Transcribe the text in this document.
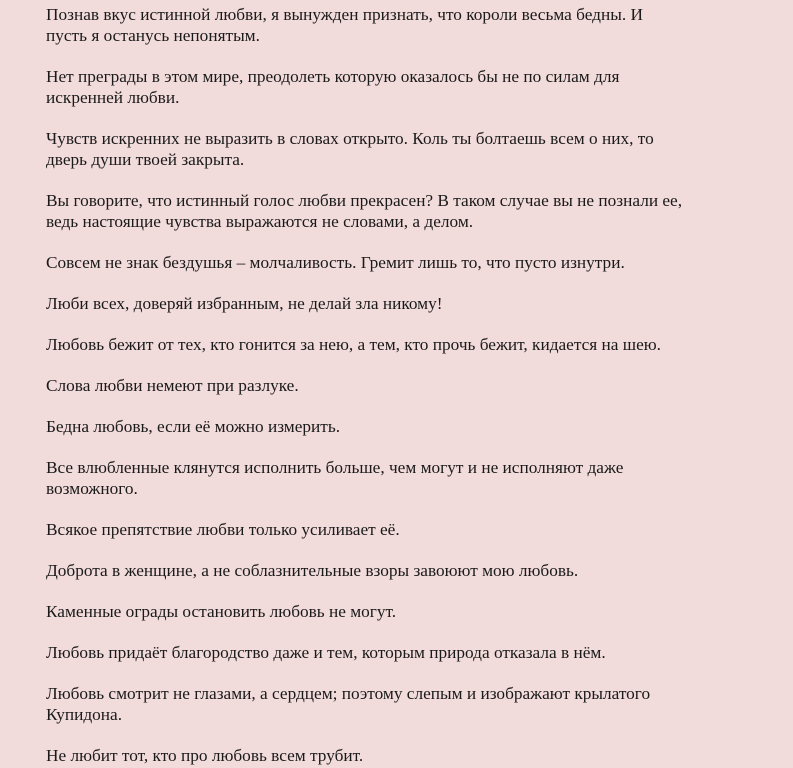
Познав вкус истинной любви, я вынужден признать, что короли весьма бедны. И
пусть я останусь непонятым.
Нет преграды в этом мире, преодолеть которую оказалось бы не по силам для
искренней любви.
Чувств искренних не выразить в словах открыто. Коль ты болтаешь всем о них, то
дверь души твоей закрыта.
Вы говорите, что истинный голос любви прекрасен? В таком случае вы не познали ее,
ведь настоящие чувства выражаются не словами, а делом.
Совсем не знак бездушья – молчаливость. Гремит лишь то, что пусто изнутри.
Люби всех, доверяй избранным, не делай зла никому!
Любовь бежит от тех, кто гонится за нею, а тем, кто прочь бежит, кидается на шею.
Слова любви немеют при разлуке.
Бедна любовь, если её можно измерить.
Все влюбленные клянутся исполнить больше, чем могут и не исполняют даже
возможного.
Всякое препятствие любви только усиливает её.
Доброта в женщине, а не соблазнительные взоры завоюют мою любовь.
Каменные ограды остановить любовь не могут.
Любовь придаёт благородство даже и тем, которым природа отказала в нём.
Любовь смотрит не глазами, а сердцем; поэтому слепым и изображают крылатого
Купидона.
Не любит тот, кто про любовь всем трубит.
